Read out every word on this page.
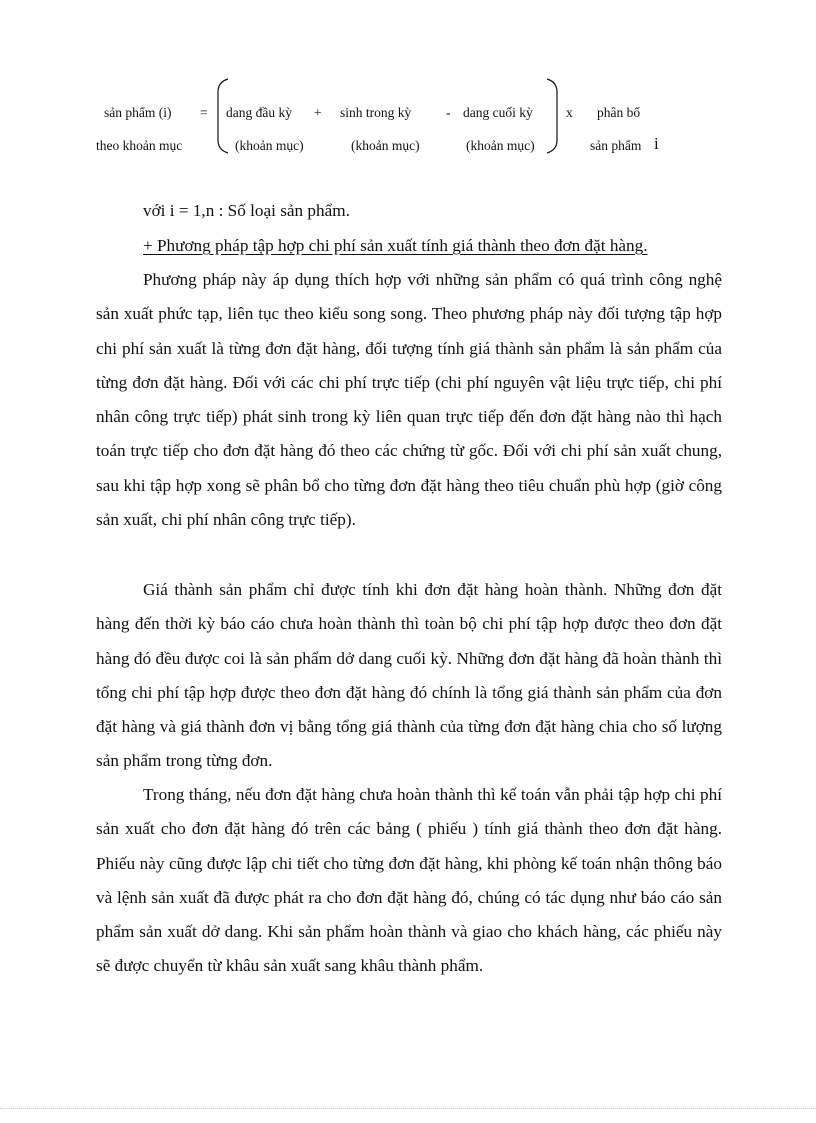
sản phẩm (i)
theo khoản mục
= dang đầu kỳ
(khoản mục)
+ sinh trong kỳ
(khoản mục)
- dang cuối kỳ
(khoản mục)
x phân bổ
sản phẩm i
với i = 1,n : Số loại sản phẩm.
+ Phương pháp tập hợp chi phí sản xuất tính giá thành theo đơn đặt hàng.

Phương pháp này áp dụng thích hợp với những sản phẩm có quá trình công nghệ sản xuất phức tạp, liên tục theo kiểu song song. Theo phương pháp này đối tượng tập hợp chi phí sản xuất là từng đơn đặt hàng, đối tượng tính giá thành sản phẩm là sản phẩm của từng đơn đặt hàng. Đối với các chi phí trực tiếp (chi phí nguyên vật liệu trực tiếp, chi phí nhân công trực tiếp) phát sinh trong kỳ liên quan trực tiếp đến đơn đặt hàng nào thì hạch toán trực tiếp cho đơn đặt hàng đó theo các chứng từ gốc. Đối với chi phí sản xuất chung, sau khi tập hợp xong sẽ phân bổ cho từng đơn đặt hàng theo tiêu chuẩn phù hợp (giờ công sản xuất, chi phí nhân công trực tiếp).

Giá thành sản phẩm chỉ được tính khi đơn đặt hàng hoàn thành. Những đơn đặt hàng đến thời kỳ báo cáo chưa hoàn thành thì toàn bộ chi phí tập hợp được theo đơn đặt hàng đó đều được coi là sản phẩm dở dang cuối kỳ. Những đơn đặt hàng đã hoàn thành thì tổng chi phí tập hợp được theo đơn đặt hàng đó chính là tổng giá thành sản phẩm của đơn đặt hàng và giá thành đơn vị bằng tổng giá thành của từng đơn đặt hàng chia cho số lượng sản phẩm trong từng đơn.

Trong tháng, nếu đơn đặt hàng chưa hoàn thành thì kế toán vẫn phải tập hợp chi phí sản xuất cho đơn đặt hàng đó trên các bảng ( phiếu ) tính giá thành theo đơn đặt hàng. Phiếu này cũng được lập chi tiết cho từng đơn đặt hàng, khi phòng kế toán nhận thông báo và lệnh sản xuất đã được phát ra cho đơn đặt hàng đó, chúng có tác dụng như báo cáo sản phẩm sản xuất dở dang. Khi sản phẩm hoàn thành và giao cho khách hàng, các phiếu này sẽ được chuyển từ khâu sản xuất sang khâu thành phẩm.
